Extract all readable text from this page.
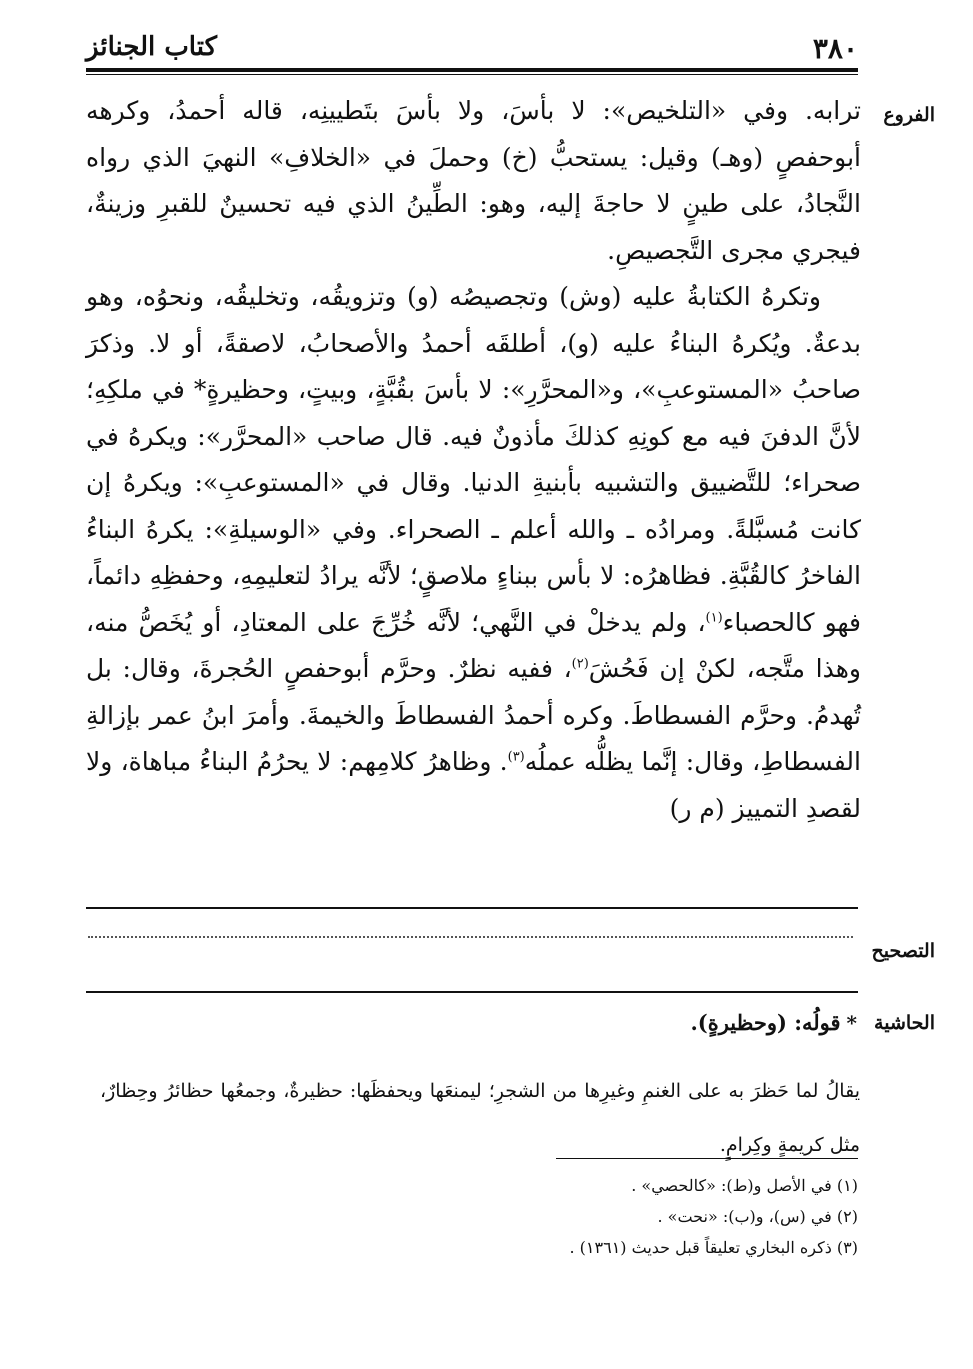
٣٨٠
كتاب الجنائز
الفروع
التصحيح
الحاشية

ترابه. وفي «التلخيص»: لا بأسَ، ولا بأسَ بتَطيينِه، قاله أحمدُ، وكرهه أبوحفصٍ (وهـ) وقيل: يستحبُّ (خ) وحملَ في «الخلافِ» النهيَ الذي رواه النَّجادُ، على طينٍ لا حاجةَ إليه، وهو: الطِّينُ الذي فيه تحسينٌ للقبرِ وزينةٌ، فيجري مجرى التَّجصيصِ.

وتكرهُ الكتابةُ عليه (وش) وتجصيصُه (و) وتزويقُه، وتخليقُه، ونحوُه، وهو بدعةٌ. ويُكرهُ البناءُ عليه (و)، أطلقَه أحمدُ والأصحابُ، لاصقةً، أو لا. وذكرَ صاحبُ «المستوعبِ»، و«المحرَّرِ»: لا بأسَ بقُبَّةٍ، وبيتٍ، وحظيرةٍ* في ملكِهِ؛ لأنَّ الدفنَ فيه مع كونِهِ كذلكَ مأذونٌ فيه. قال صاحب «المحرَّر»: ويكرهُ في صحراء؛ للتَّضييق والتشبيه بأبنيةِ الدنيا. وقال في «المستوعبِ»: ويكرهُ إن كانت مُسبَّلةً. ومرادُه ـ والله أعلم ـ الصحراء. وفي «الوسيلةِ»: يكرهُ البناءُ الفاخرُ كالقُبَّةِ. فظاهرُه: لا بأس ببناءٍ ملاصقٍ؛ لأنَّه يرادُ لتعليمِهِ، وحفظِهِ دائماً، فهو كالحصباء$^{(١)}$، ولم يدخلْ في النَّهي؛ لأنَّه خُرِّجَ على المعتادِ، أو يُخَصُّ منه، وهذا متَّجه، لكنْ إن فَحُشَ$^{(٢)}$، ففيه نظرٌ. وحرَّم أبوحفصٍ الحُجرةَ، وقال: بل تُهدمُ. وحرَّم الفسطاطَ. وكره أحمدُ الفسطاطَ والخيمةَ. وأمرَ ابنُ عمر بإزالةِ الفسطاطِ، وقال: إنَّما يظلُّه عملُه$^{(٣)}$. وظاهرُ كلامِهم: لا يحرُمُ البناءُ مباهاة، ولا لقصدِ التمييز (م ر)

*قولُه: (وحظيرةٍ).

يقالُ لما حَظرَ به على الغنمِ وغيرِها من الشجرِ؛ ليمنعَها ويحفظَها: حظيرةٌ، وجمعُها حظائرُ وحِظارٌ، مثل كريمةٍ وكِرامٍ.

(١) في الأصل و(ط): «كالحصي» .
(٢) في (س)، و(ب): «نحت» .
(٣) ذكره البخاري تعليقاً قبل حديث (١٣٦١) .
